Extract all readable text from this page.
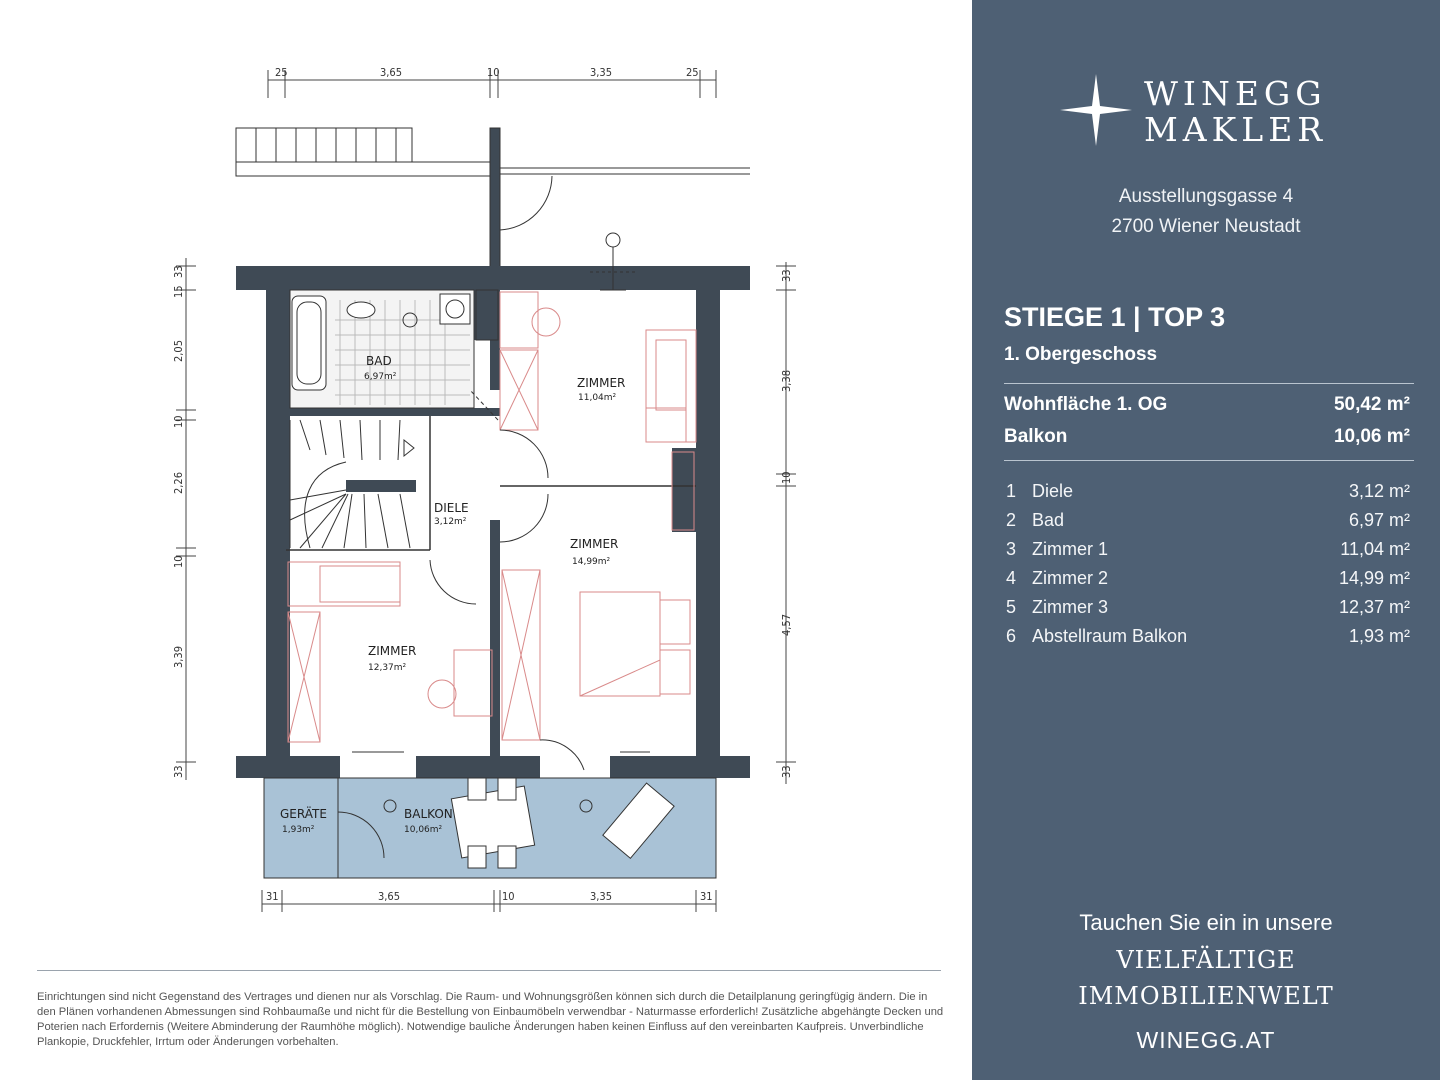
25	3,65	10	3,35	25
31	3,65	10	3,35	31
33
15
2,05
10
2,26
10
3,39
33
33
3,38
10
4,57
33
BAD
6,97m²	ZIMMER
11,04m²
DIELE
3,12m²
ZIMMER
14,99m²
ZIMMER
12,37m²
GERÄTE
1,93m²
BALKON
10,06m²
Einrichtungen sind nicht Gegenstand des Vertrages und dienen nur als Vorschlag. Die Raum- und Wohnungsgrößen können sich durch die Detailplanung geringfügig ändern. Die in den Plänen vorhandenen Abmessungen sind Rohbaumaße und nicht für die Bestellung von Einbaumöbeln verwendbar - Naturmasse erforderlich! Zusätzliche abgehängte Decken und Poterien nach Erfordernis (Weitere Abminderung der Raumhöhe möglich). Notwendige bauliche Änderungen haben keinen Einfluss auf den vereinbarten Kaufpreis. Unverbindliche Plankopie, Druckfehler, Irrtum oder Änderungen vorbehalten.
WINEGG
MAKLER
Ausstellungsgasse 4
2700 Wiener Neustadt
STIEGE 1 | TOP 3
1. Obergeschoss
Wohnfläche 1. OG	50,42 m²
Balkon	10,06 m²
1 Diele	3,12 m²
2 Bad	6,97 m²
3 Zimmer 1	11,04 m²
4 Zimmer 2	14,99 m²
5 Zimmer 3	12,37 m²
6 Abstellraum Balkon	1,93 m²
Tauchen Sie ein in unsere
VIELFÄLTIGE
IMMOBILIENWELT
WINEGG.AT
